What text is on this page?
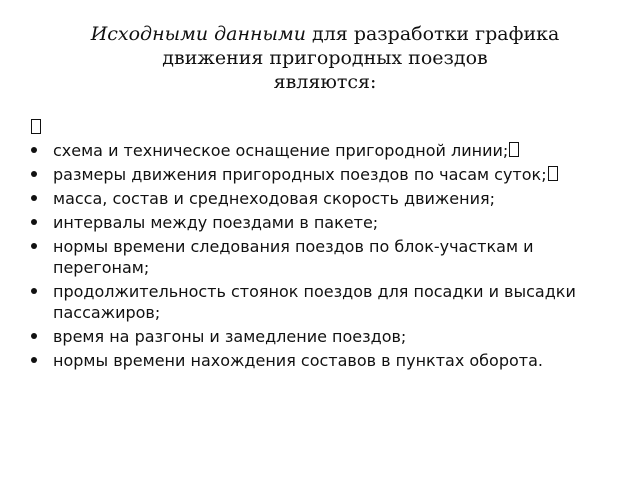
Исходными данными для разработки графика
движения пригородных поездов
являются:
схема и техническое оснащение пригородной линии;
размеры движения пригородных поездов по часам суток;
масса, состав и среднеходовая скорость движения;
интервалы между поездами в пакете;
нормы времени следования поездов по блок-участкам и перегонам;
продолжительность стоянок поездов для посадки и высадки пассажиров;
время на разгоны и замедление поездов;
нормы времени нахождения составов в пунктах оборота.
